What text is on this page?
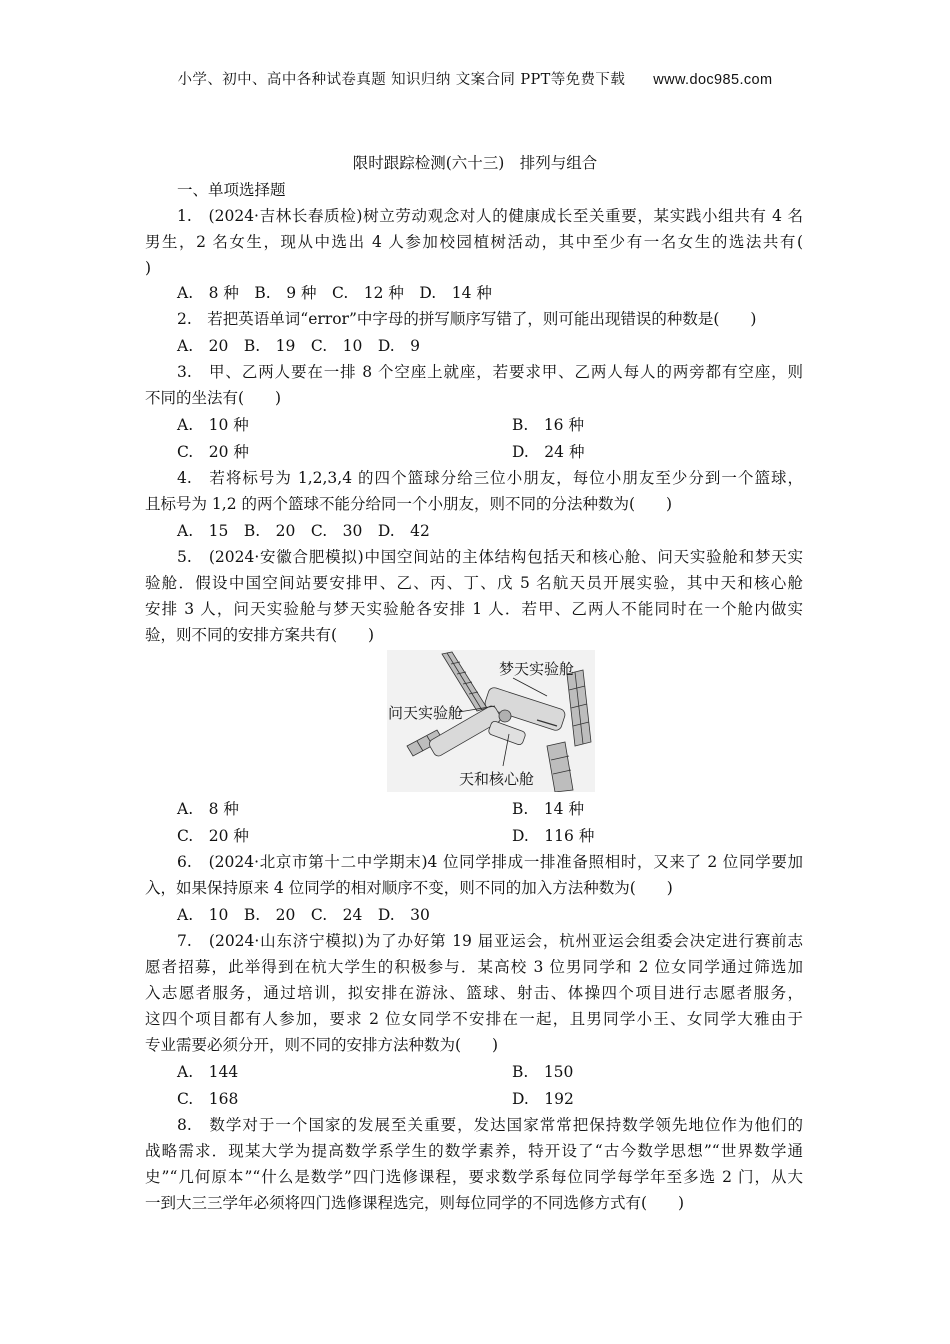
小学、初中、高中各种试卷真题 知识归纳 文案合同 PPT等免费下载 www.doc985.com
限时跟踪检测(六十三)　排列与组合
一、单项选择题
1.　(2024·吉林长春质检)树立劳动观念对人的健康成长至关重要，某实践小组共有 4 名
男生，2 名女生，现从中选出 4 人参加校园植树活动，其中至少有一名女生的选法共有(
)
A.　8 种　B.　9 种　C.　12 种　D.　14 种
2.　若把英语单词“error”中字母的拼写顺序写错了，则可能出现错误的种数是(　　)
A.　20　B.　19　C.　10　D.　9
3.　甲、乙两人要在一排 8 个空座上就座，若要求甲、乙两人每人的两旁都有空座，则
不同的坐法有(　　)
A.　10 种	B.　16 种
C.　20 种	D.　24 种
4.　若将标号为 1,2,3,4 的四个篮球分给三位小朋友，每位小朋友至少分到一个篮球，
且标号为 1,2 的两个篮球不能分给同一个小朋友，则不同的分法种数为(　　)
A.　15　B.　20　C.　30　D.　42
5.　(2024·安徽合肥模拟)中国空间站的主体结构包括天和核心舱、问天实验舱和梦天实
验舱．假设中国空间站要安排甲、乙、丙、丁、戊 5 名航天员开展实验，其中天和核心舱
安排 3 人，问天实验舱与梦天实验舱各安排 1 人．若甲、乙两人不能同时在一个舱内做实
验，则不同的安排方案共有(　　)
梦天实验舱
问天实验舱
天和核心舱
A.　8 种	B.　14 种
C.　20 种	D.　116 种
6.　(2024·北京市第十二中学期末)4 位同学排成一排准备照相时，又来了 2 位同学要加
入，如果保持原来 4 位同学的相对顺序不变，则不同的加入方法种数为(　　)
A.　10　B.　20　C.　24　D.　30
7.　(2024·山东济宁模拟)为了办好第 19 届亚运会，杭州亚运会组委会决定进行赛前志
愿者招募，此举得到在杭大学生的积极参与．某高校 3 位男同学和 2 位女同学通过筛选加
入志愿者服务，通过培训，拟安排在游泳、篮球、射击、体操四个项目进行志愿者服务，
这四个项目都有人参加，要求 2 位女同学不安排在一起，且男同学小王、女同学大雅由于
专业需要必须分开，则不同的安排方法种数为(　　)
A.　144	B.　150
C.　168	D.　192
8.　数学对于一个国家的发展至关重要，发达国家常常把保持数学领先地位作为他们的
战略需求．现某大学为提高数学系学生的数学素养，特开设了“古今数学思想”“世界数学通
史”“几何原本”“什么是数学”四门选修课程，要求数学系每位同学每学年至多选 2 门，从大
一到大三三学年必须将四门选修课程选完，则每位同学的不同选修方式有(　　)
